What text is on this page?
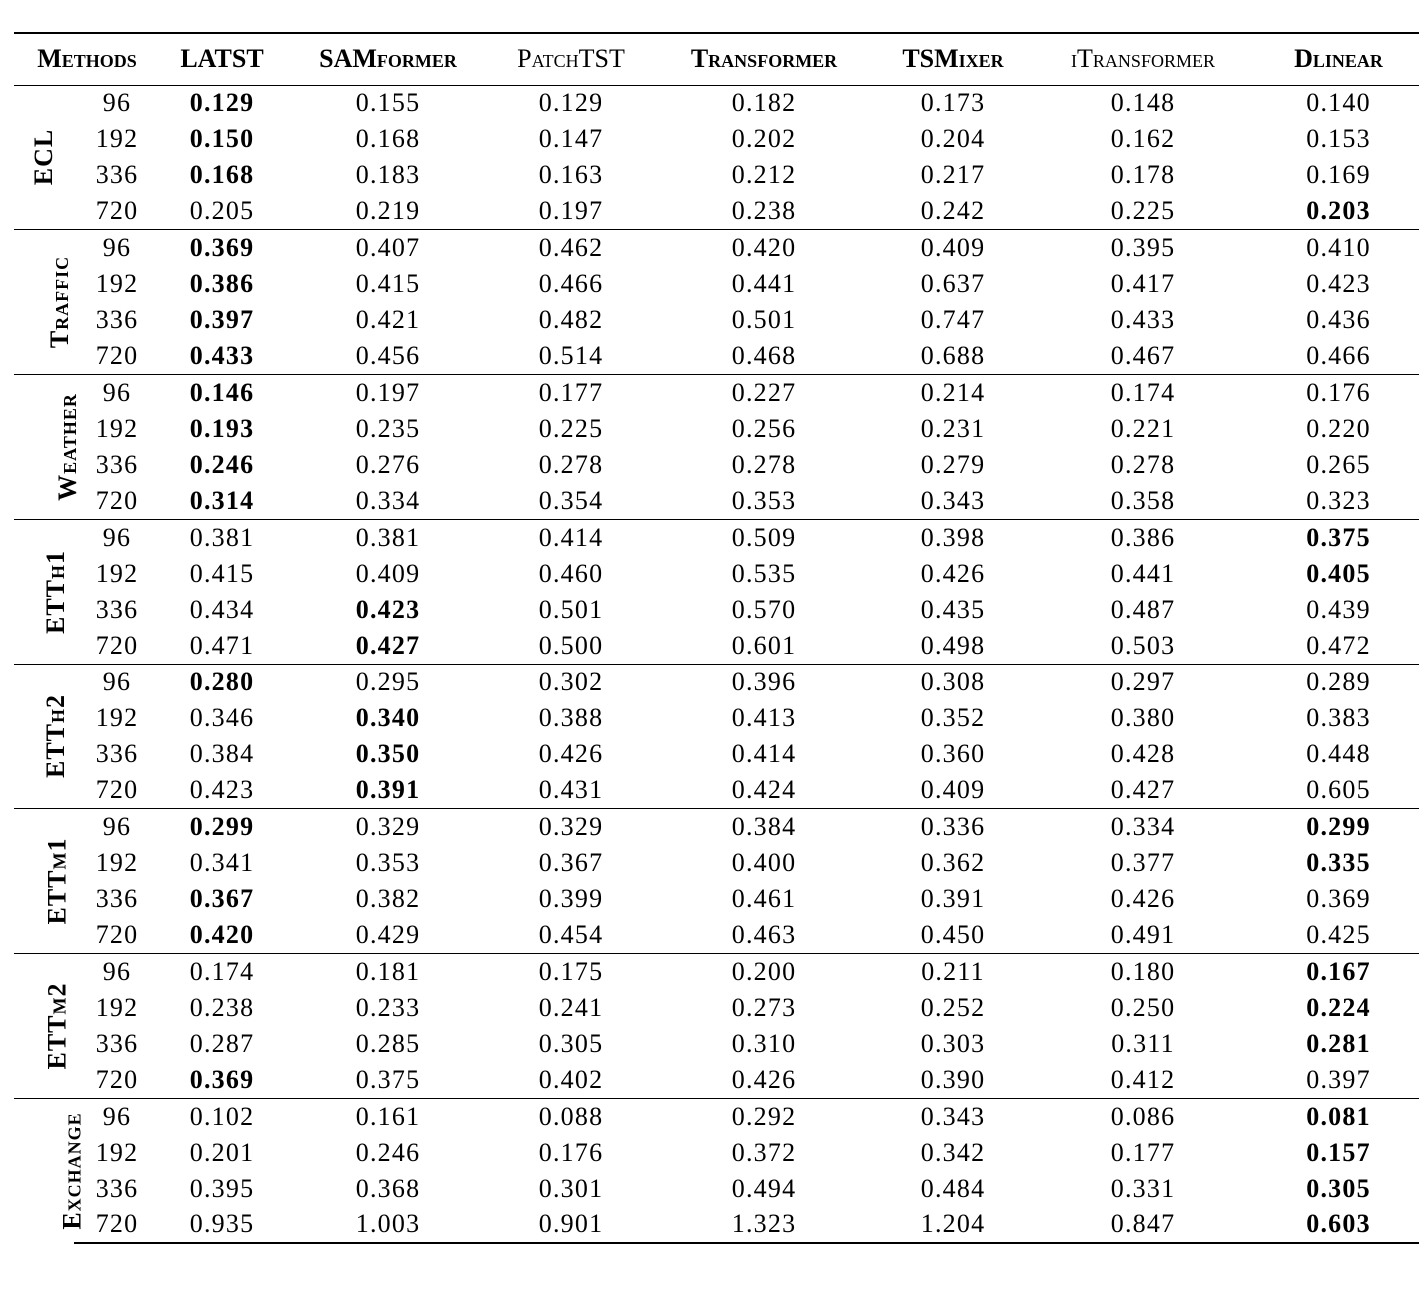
Methods		LATST	SAMformer	PatchTST	Transformer	TSMixer	iTransformer	Dlinear
ECL	96	0.129	0.155	0.129	0.182	0.173	0.148	0.140
	192	0.150	0.168	0.147	0.202	0.204	0.162	0.153
	336	0.168	0.183	0.163	0.212	0.217	0.178	0.169
	720	0.205	0.219	0.197	0.238	0.242	0.225	0.203
Traffic	96	0.369	0.407	0.462	0.420	0.409	0.395	0.410
	192	0.386	0.415	0.466	0.441	0.637	0.417	0.423
	336	0.397	0.421	0.482	0.501	0.747	0.433	0.436
	720	0.433	0.456	0.514	0.468	0.688	0.467	0.466
Weather	96	0.146	0.197	0.177	0.227	0.214	0.174	0.176
	192	0.193	0.235	0.225	0.256	0.231	0.221	0.220
	336	0.246	0.276	0.278	0.278	0.279	0.278	0.265
	720	0.314	0.334	0.354	0.353	0.343	0.358	0.323
ETTh1	96	0.381	0.381	0.414	0.509	0.398	0.386	0.375
	192	0.415	0.409	0.460	0.535	0.426	0.441	0.405
	336	0.434	0.423	0.501	0.570	0.435	0.487	0.439
	720	0.471	0.427	0.500	0.601	0.498	0.503	0.472
ETTh2	96	0.280	0.295	0.302	0.396	0.308	0.297	0.289
	192	0.346	0.340	0.388	0.413	0.352	0.380	0.383
	336	0.384	0.350	0.426	0.414	0.360	0.428	0.448
	720	0.423	0.391	0.431	0.424	0.409	0.427	0.605
ETTm1	96	0.299	0.329	0.329	0.384	0.336	0.334	0.299
	192	0.341	0.353	0.367	0.400	0.362	0.377	0.335
	336	0.367	0.382	0.399	0.461	0.391	0.426	0.369
	720	0.420	0.429	0.454	0.463	0.450	0.491	0.425
ETTm2	96	0.174	0.181	0.175	0.200	0.211	0.180	0.167
	192	0.238	0.233	0.241	0.273	0.252	0.250	0.224
	336	0.287	0.285	0.305	0.310	0.303	0.311	0.281
	720	0.369	0.375	0.402	0.426	0.390	0.412	0.397
Exchange	96	0.102	0.161	0.088	0.292	0.343	0.086	0.081
	192	0.201	0.246	0.176	0.372	0.342	0.177	0.157
	336	0.395	0.368	0.301	0.494	0.484	0.331	0.305
	720	0.935	1.003	0.901	1.323	1.204	0.847	0.603
